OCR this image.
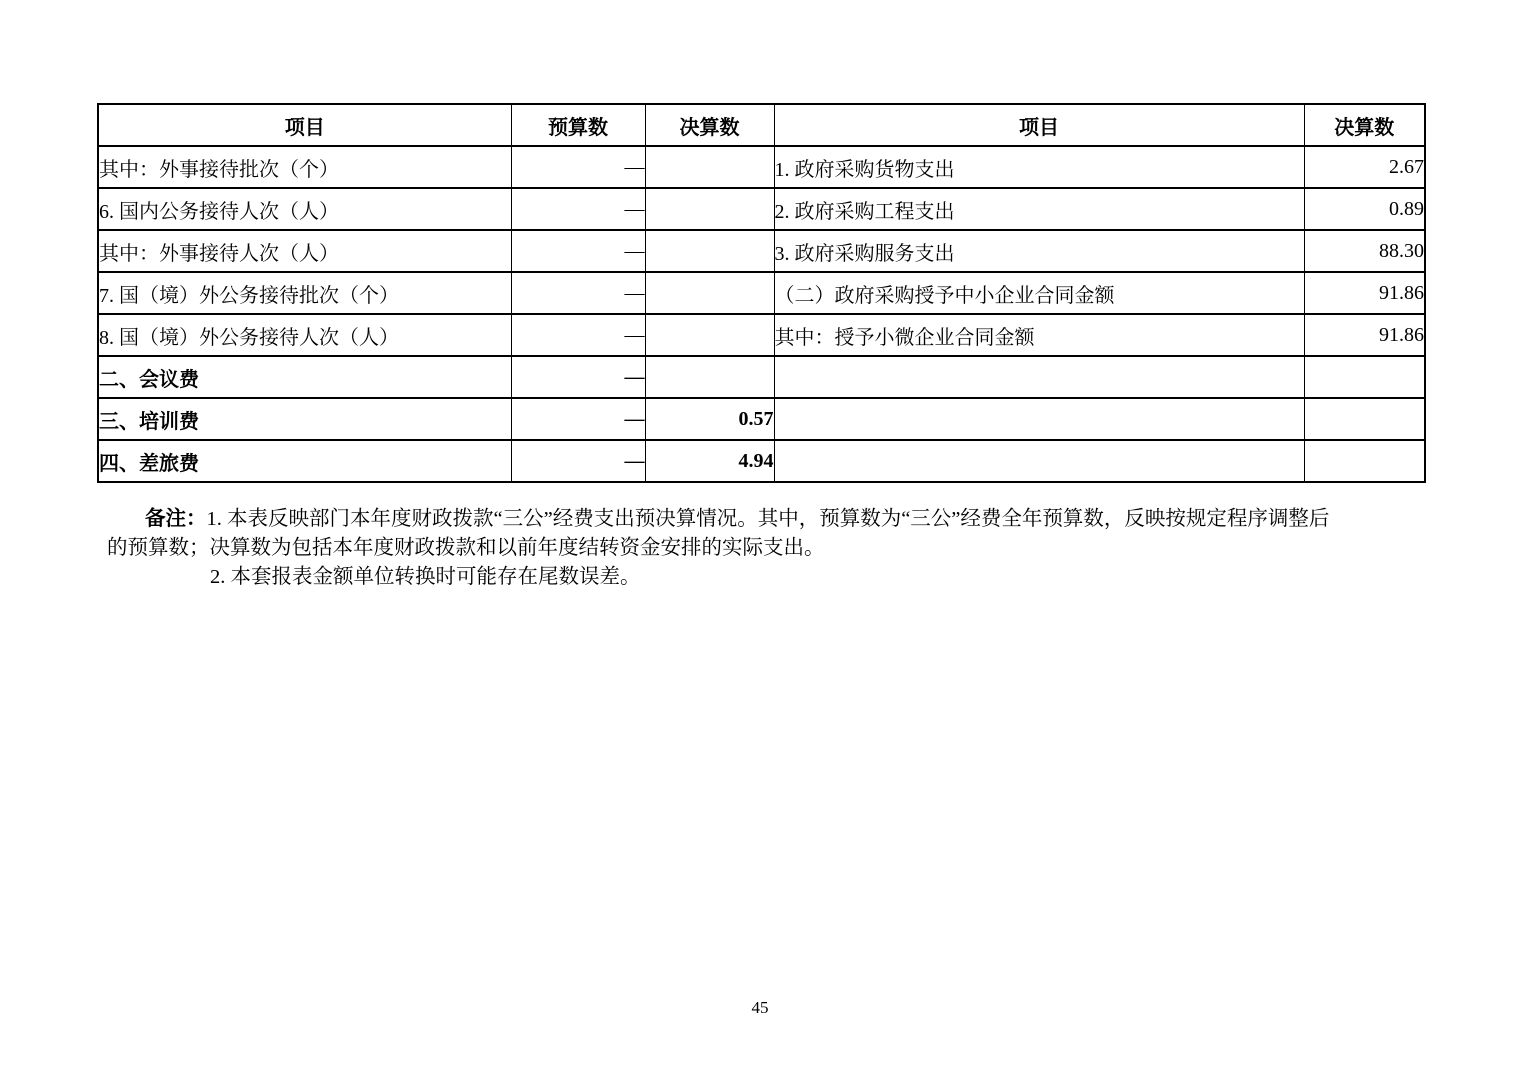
项目	预算数	决算数	项目	决算数
其中：外事接待批次（个）	—		1. 政府采购货物支出	2.67
6. 国内公务接待人次（人）	—		2. 政府采购工程支出	0.89
其中：外事接待人次（人）	—		3. 政府采购服务支出	88.30
7. 国（境）外公务接待批次（个）	—		（二）政府采购授予中小企业合同金额	91.86
8. 国（境）外公务接待人次（人）	—		其中：授予小微企业合同金额	91.86
二、会议费	—			
三、培训费	—	0.57		
四、差旅费	—	4.94		
备注：1. 本表反映部门本年度财政拨款“三公”经费支出预决算情况。其中，预算数为“三公”经费全年预算数，反映按规定程序调整后
的预算数；决算数为包括本年度财政拨款和以前年度结转资金安排的实际支出。
2. 本套报表金额单位转换时可能存在尾数误差。
45
